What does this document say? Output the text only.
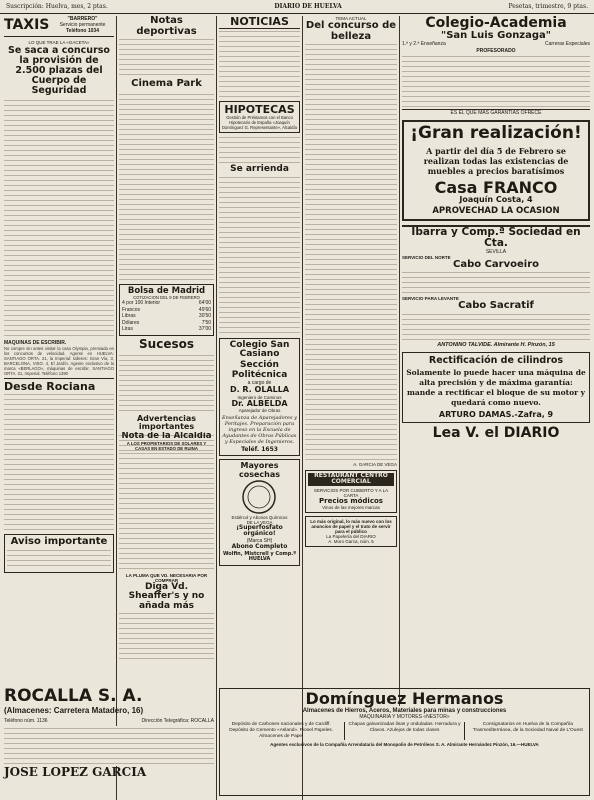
Suscripción: Huelva, mes, 2 ptas.	DIARIO DE HUELVA	Pesetas, trimestre, 9 ptas.
TAXIS	"BARRERO"
Servicio permanente
Teléfono 1034
LO QUE TRAE LA «GACETA»
Se saca a concurso la provisión de 2.500 plazas del Cuerpo de Seguridad
MAQUINAS DE ESCRIBIR.
No compre sin antes visitar la casa Olympia, premiada en los concursos de velocidad. Agente en HUELVA: SANTIAGO ORTA. 21, la Imperial: talleres: Gran Vía, 3, BARCELONA, VISO. 4, El Jardín. Agente exclusivo de la marca «BERLAGO», máquinas de escribir. SANTIAGO ORTA. 21, Imperial. Teléfono 1390
Desde Rociana
Aviso importante
ROCALLA S. A.
(Almacenes: Carretera Matadero, 16)
Teléfono núm. 1136	Dirección Telegráfica: ROCALLA
JOSE LOPEZ GARCIA
Notas deportivas
Cinema Park
Bolsa de Madrid
COTIZACION DEL 9 DE FEBRERO
4 por 100 Interior	64'00
Francos	49'60
Libras	30'50
Dólares	7'50
Liras	37'00
Sucesos
Advertencias importantes
Nota de la Alcaldía
A LOS PROPIETARIOS DE SOLARES Y CASAS EN ESTADO DE RUINA
LA PLUMA QUE VD. NECESARIA POR COMPRAR
Diga Vd. Sheaffer's y no añada más
NOTICIAS
HIPOTECAS
Gestión de Préstamos con el Banco Hipotecario de España «Joaquín Domínguez G. Representante», Alcaldía
Se arrienda
Colegio San Casiano
Sección Politécnica
a cargo de
D. R. OLALLA
Ingeniero de Caminos
Dr. ALBELDA
Aparejador de Obras
Enseñanza de Aparejadores y Peritajes. Preparación para ingreso en la Escuela de Ayudantes de Obras Públicas y Especiales de Ingenieros.
Teléf. 1653
Mayores cosechas
Estiércol y Abonos Químicos
DE LA VEGA
¡Superfosfato orgánico!
(Marca SH)
Abono Completo
Wolfin, Mistcrell y Comp.º HUELVA
TEMA ACTUAL
Del concurso de belleza
A. GARCIA DE VEGA
RESTAURANT CENTRO COMERCIAL
SERVICIOS POR CUBIERTO Y A LA CARTA
Precios módicos
Vinos de las mejores marcas
Lo más original, lo más nuevo con los anuncios de papel y el trato de servir para el público
La Papelería del DIARIO
A. Moro Garca, núm. 5
Colegio-Academia
"San Luis Gonzaga"
1.ª y 2.ª Enseñanza	Carreras Especiales
PROFESORADO
ES EL QUE MAS GARANTIAS OFRECE
¡Gran realización!
A partir del día 5 de Febrero se realizan todas las existencias de muebles a precios baratísimos
Casa FRANCO
Joaquín Costa, 4
APROVECHAD LA OCASION
Ibarra y Comp.ª Sociedad en Cta.
SEVILLA
SERVICIO DEL NORTE
Cabo Carvoeiro
SERVICIO PARA LEVANTE
Cabo Sacratif
ANTONINO TALVIDE. Almirante H. Pinzón, 15
Rectificación de cilindros
Solamente lo puede hacer una máquina de alta precisión y de máxima garantía: mande a rectificar el bloque de su motor y quedará como nuevo.
ARTURO DAMAS.-Zafra, 9
Lea V. el DIARIO
Domínguez Hermanos
Almacenes de Hierros, Aceros, Materiales para minas y construcciones
MAQUINARIA Y MOTORES «NESTOR»
Depósito de Carbones nacionales y de Cardiff. Depósito de Cemento «Asland». Pionel Papeles. Almacenes de Papel
Chapas galvanizadas lisas y onduladas. Herradura y Clavos. Azulejos de todas clases
Consignatarios en Huelva de la Compañía Trasmediterránea, de la Sociedad Naval de L'Ouest
Agentes exclusivos de la Compañía Arrendataria del Monopolio de Petróleos S. A. Almirante Hernández Pinzón, 16.—HUELVA
